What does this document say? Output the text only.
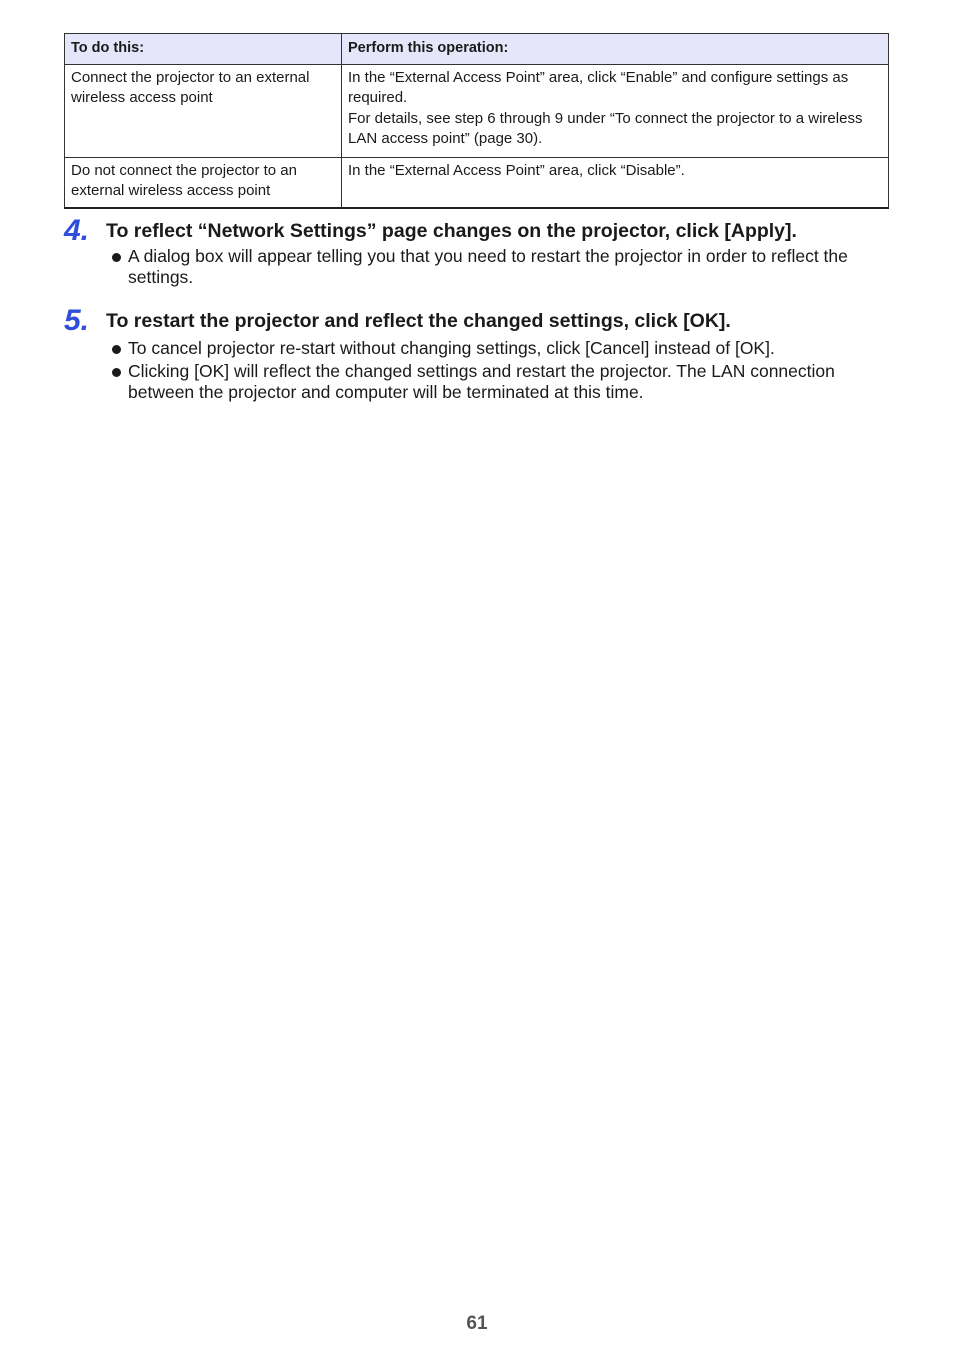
To do this:	Perform this operation:
Connect the projector to an external wireless access point	In the “External Access Point” area, click “Enable” and configure settings as required.
For details, see step 6 through 9 under “To connect the projector to a wireless LAN access point” (page 30).

Do not connect the projector to an external wireless access point	In the “External Access Point” area, click “Disable”.
4. To reflect “Network Settings” page changes on the projector, click [Apply].
A dialog box will appear telling you that you need to restart the projector in order to reflect the settings.
5. To restart the projector and reflect the changed settings, click [OK].
To cancel projector re-start without changing settings, click [Cancel] instead of [OK].
Clicking [OK] will reflect the changed settings and restart the projector. The LAN connection between the projector and computer will be terminated at this time.
61
